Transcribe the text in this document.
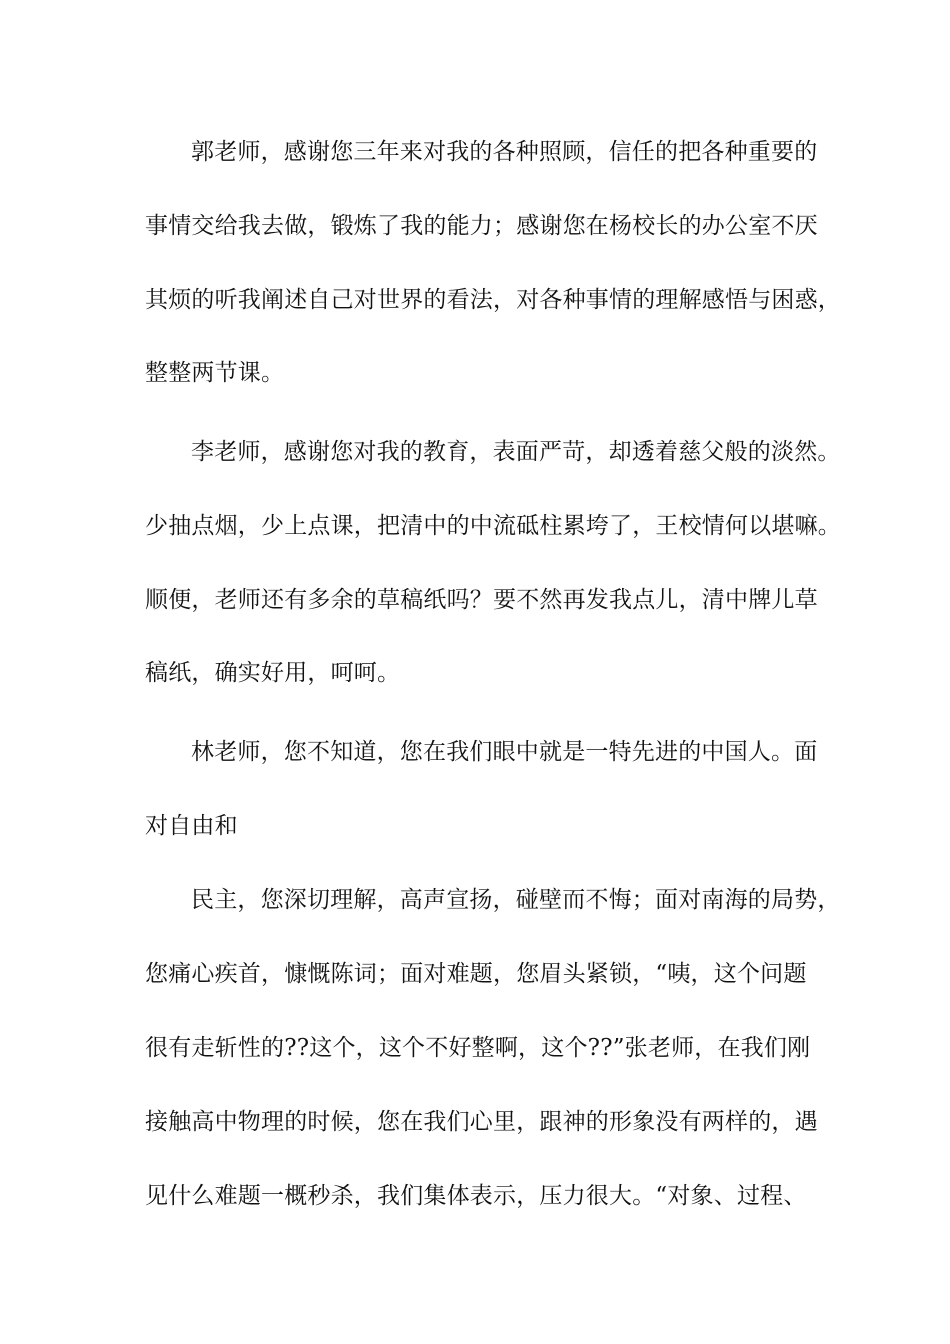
郭老师，感谢您三年来对我的各种照顾，信任的把各种重要的
事情交给我去做，锻炼了我的能力；感谢您在杨校长的办公室不厌
其烦的听我阐述自己对世界的看法，对各种事情的理解感悟与困惑，
整整两节课。
李老师，感谢您对我的教育，表面严苛，却透着慈父般的淡然。
少抽点烟，少上点课，把清中的中流砥柱累垮了，王校情何以堪嘛。
顺便，老师还有多余的草稿纸吗？要不然再发我点儿，清中牌儿草
稿纸，确实好用，呵呵。
林老师，您不知道，您在我们眼中就是一特先进的中国人。面
对自由和
民主，您深切理解，高声宣扬，碰壁而不悔；面对南海的局势，
您痛心疾首，慷慨陈词；面对难题，您眉头紧锁，“咦，这个问题
很有走斩性的??这个，这个不好整啊，这个??”张老师，在我们刚
接触高中物理的时候，您在我们心里，跟神的形象没有两样的，遇
见什么难题一概秒杀，我们集体表示，压力很大。“对象、过程、
